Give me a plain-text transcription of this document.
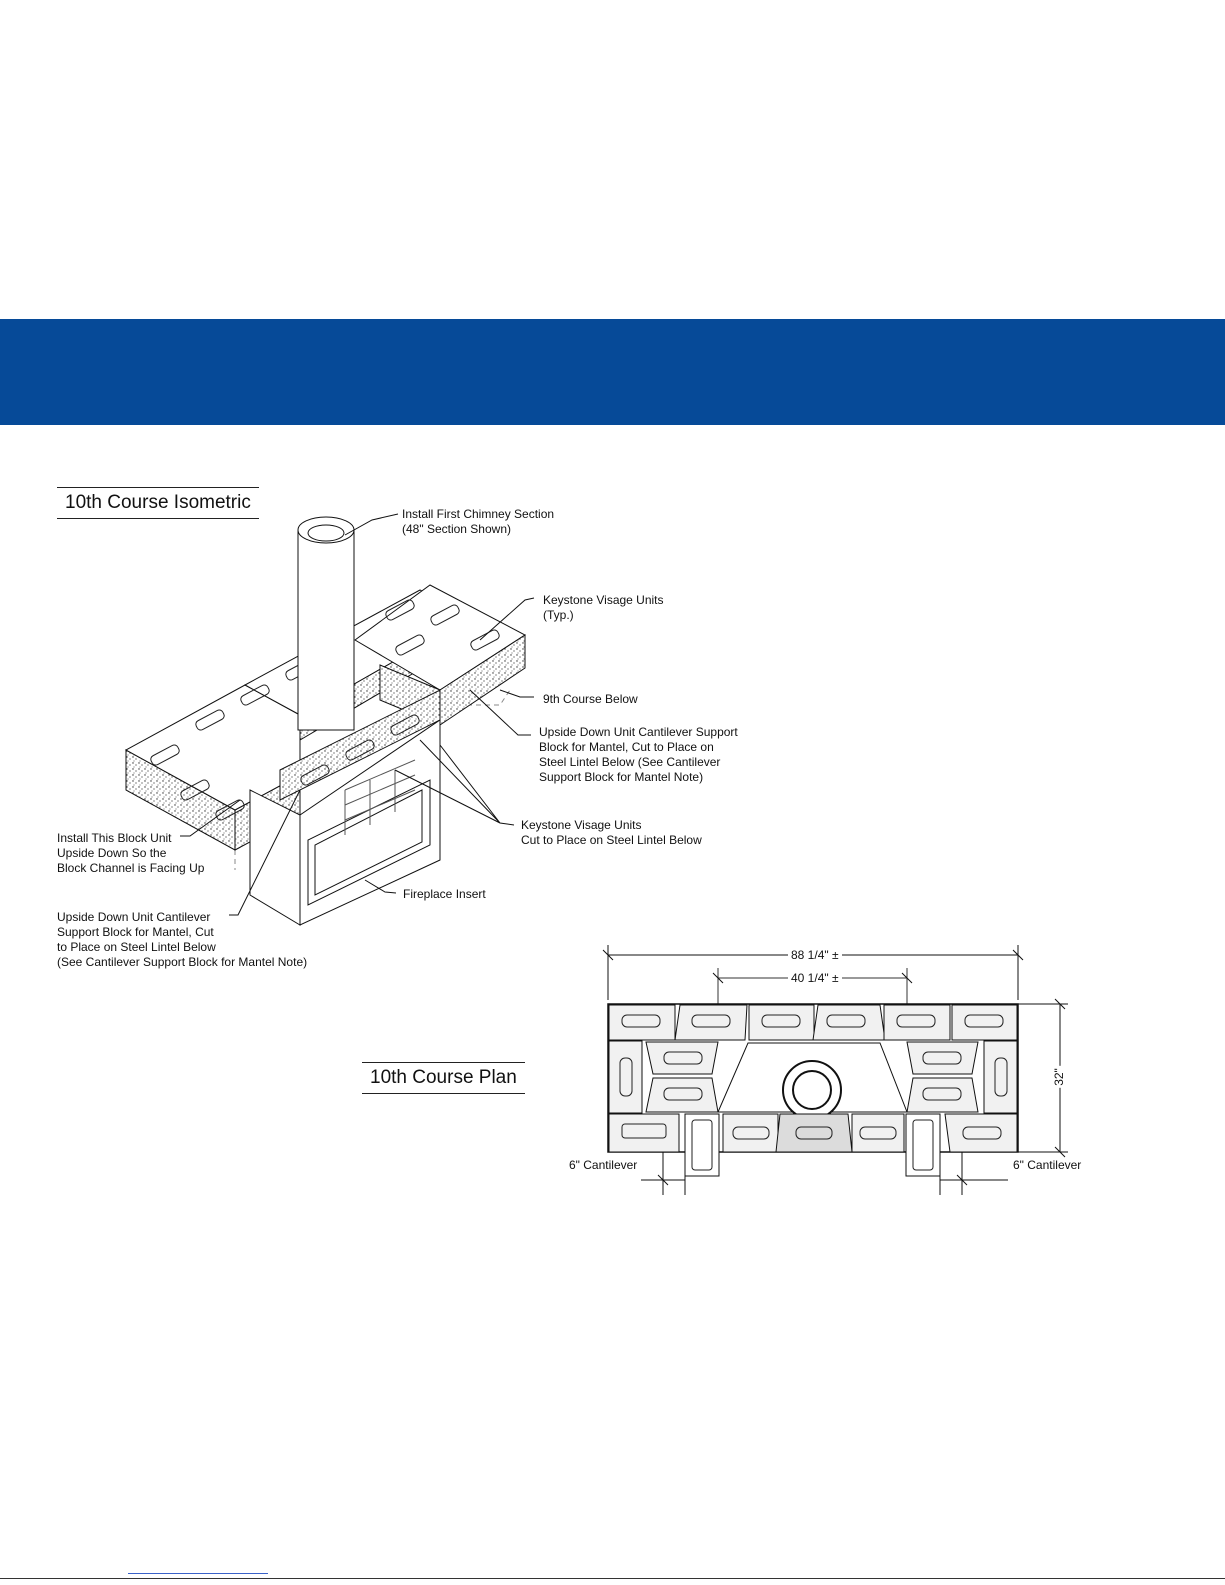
10th Course Isometric
Install First Chimney Section
(48" Section Shown)
Keystone Visage Units
(Typ.)
9th Course Below
Upside Down Unit Cantilever Support
Block for Mantel, Cut to Place on
Steel Lintel Below (See Cantilever
Support Block for Mantel Note)
Keystone Visage Units
Cut to Place on Steel Lintel Below
Install This Block Unit
Upside Down So the
Block Channel is Facing Up
Fireplace Insert
Upside Down Unit Cantilever
Support Block for Mantel, Cut
to Place on Steel Lintel Below
(See Cantilever Support Block for Mantel Note)
10th Course Plan
88 1/4" ±
40 1/4" ±
32"
6" Cantilever	6" Cantilever
